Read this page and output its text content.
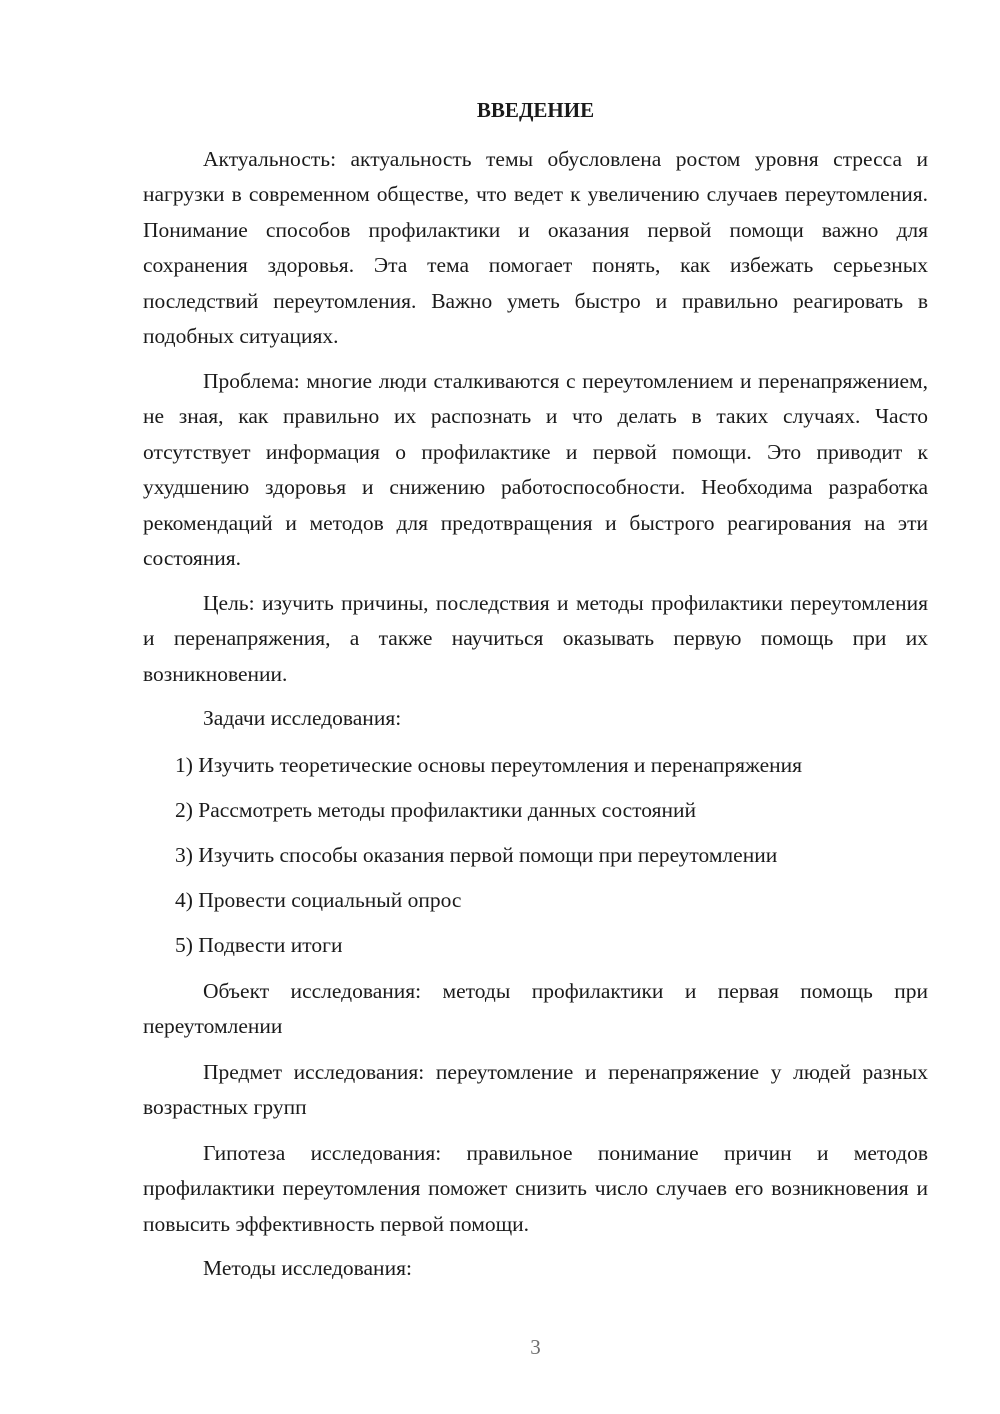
ВВЕДЕНИЕ

Актуальность: актуальность темы обусловлена ростом уровня стресса и нагрузки в современном обществе, что ведет к увеличению случаев переутомления. Понимание способов профилактики и оказания первой помощи важно для сохранения здоровья. Эта тема помогает понять, как избежать серьезных последствий переутомления. Важно уметь быстро и правильно реагировать в подобных ситуациях.

Проблема: многие люди сталкиваются с переутомлением и перенапряжением, не зная, как правильно их распознать и что делать в таких случаях. Часто отсутствует информация о профилактике и первой помощи. Это приводит к ухудшению здоровья и снижению работоспособности. Необходима разработка рекомендаций и методов для предотвращения и быстрого реагирования на эти состояния.

Цель: изучить причины, последствия и методы профилактики переутомления и перенапряжения, а также научиться оказывать первую помощь при их возникновении.

Задачи исследования:

1) Изучить теоретические основы переутомления и перенапряжения

2) Рассмотреть методы профилактики данных состояний

3) Изучить способы оказания первой помощи при переутомлении

4) Провести социальный опрос

5) Подвести итоги

Объект исследования: методы профилактики и первая помощь при переутомлении

Предмет исследования: переутомление и перенапряжение у людей разных возрастных групп

Гипотеза исследования: правильное понимание причин и методов профилактики переутомления поможет снизить число случаев его возникновения и повысить эффективность первой помощи.

Методы исследования:

3
